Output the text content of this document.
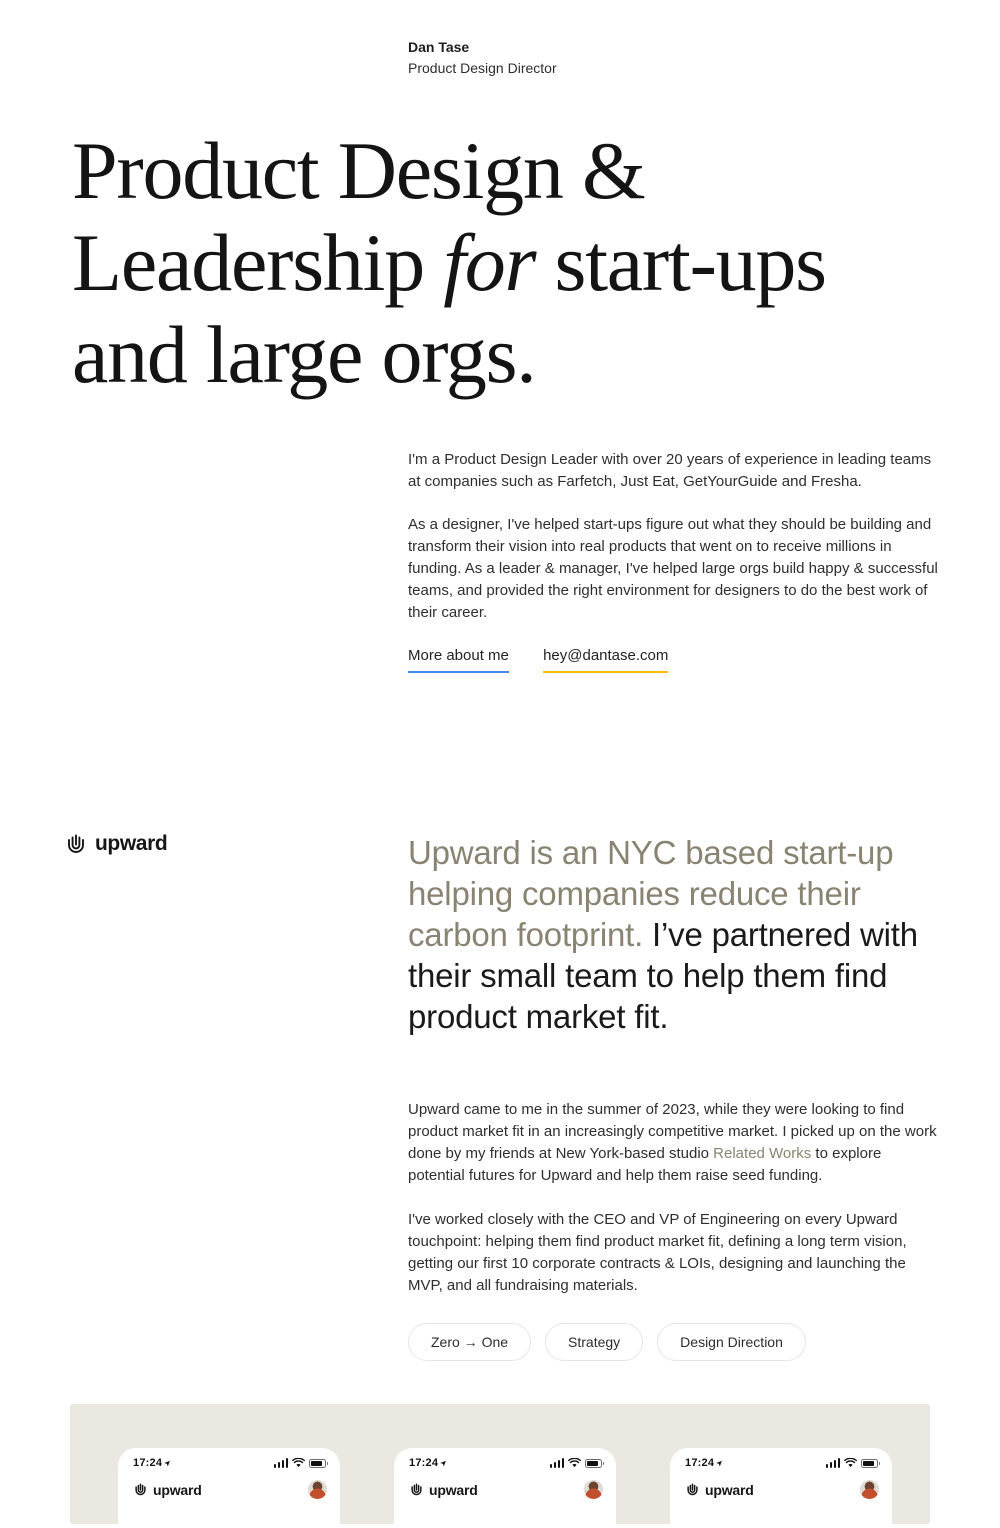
Dan Tase
Product Design Director
Product Design &
Leadership for start-ups
and large orgs.

I'm a Product Design Leader with over 20 years of experience in leading teams at companies such as Farfetch, Just Eat, GetYourGuide and Fresha.

As a designer, I've helped start-ups figure out what they should be building and transform their vision into real products that went on to receive millions in funding. As a leader & manager, I've helped large orgs build happy & successful teams, and provided the right environment for designers to do the best work of their career.

More about me hey@dantase.com
upward	Upward is an NYC based start-up helping companies reduce their carbon footprint. I’ve partnered with their small team to help them find product market fit.

Upward came to me in the summer of 2023, while they were looking to find product market fit in an increasingly competitive market. I picked up on the work done by my friends at New York-based studio Related Works to explore potential futures for Upward and help them raise seed funding.

I've worked closely with the CEO and VP of Engineering on every Upward touchpoint: helping them find product market fit, defining a long term vision, getting our first 10 corporate contracts & LOIs, designing and launching the MVP, and all fundraising materials.

Zero → One	Strategy	Design Direction
17:24 ➤
upward
17:24 ➤
upward
17:24 ➤
upward
